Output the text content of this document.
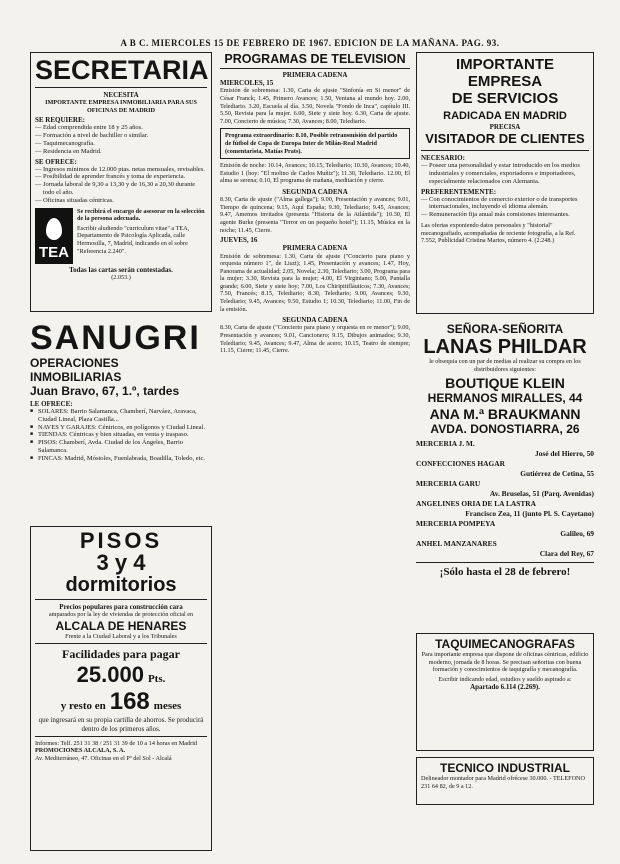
A B C. MIERCOLES 15 DE FEBRERO DE 1967. EDICION DE LA MAÑANA. PAG. 93.
SECRETARIA

NECESITA

IMPORTANTE EMPRESA INMOBILIARIA PARA SUS OFICINAS DE MADRID

SE REQUIERE:
— Edad comprendida entre 18 y 25 años.
— Formación a nivel de bachiller o similar.
— Taquimecanografía.
— Residencia en Madrid.
SE OFRECE:
— Ingresos mínimos de 12.000 ptas. netas mensuales, revisables.
— Posibilidad de aprender francés y toma de experiencia.
— Jornada laboral de 9,30 a 13,30 y de 16,30 a 20,30 durante todo el año.
— Oficinas situadas céntricas.
TEA

Se recibirá el encargo de asesorar en la selección de la persona adecuada.

Escribir aludiendo "curriculum vitae" a TEA, Departamento de Psicología Aplicada, calle Hermosilla, 7, Madrid, indicando en el sobre "Referencia 2.240".

Todas las cartas serán contestadas.

(2.053.)

SANUGRI
OPERACIONES INMOBILIARIAS
Juan Bravo, 67, 1.º, tardes
LE OFRECE:
■ SOLARES: Barrio Salamanca, Chamberí, Narváez, Aravaca, Ciudad Lineal, Plaza Castilla...
■ NAVES Y GARAJES: Céntricos, en polígonos y Ciudad Lineal.
■ TIENDAS: Céntricas y bien situadas, en venta y traspaso.
■ PISOS: Chamberí, Avda. Ciudad de los Ángeles, Barrio Salamanca.
■ FINCAS: Madrid, Móstoles, Fuenlabrada, Boadilla, Toledo, etc.
PISOS
3 y 4
dormitorios

Precios populares para construcción cara

amparados por la ley de viviendas de protección oficial en

ALCALA DE HENARES

Frente a la Ciudad Laboral y a los Tribunales

Facilidades para pagar

25.000 Pts.
y resto en 168 meses

que ingresará en su propia cartilla de ahorros. Se producirá dentro de los primeros años.

Informes: Telf. 251 31 38 / 251 31 39 de 10 a 14 horas en Madrid

PROMOCIONES ALCALA, S. A.

Av. Mediterráneo, 47. Oficinas en el Pº del Sol - Alcalá

PROGRAMAS DE TELEVISION

PRIMERA CADENA

MIERCOLES, 15

Emisión de sobremesa: 1.30, Carta de ajuste "Sinfonía en Si menor" de César Franck; 1.45, Primero Avances; 1.50, Ventana al mundo hoy. 2.00, Telediario. 3.20, Escuela al día. 3.50, Novela "Fondo de Inca", capítulo III. 5.50, Revista para la mujer. 6.00, Siete y siete hoy. 6.30, Carta de ajuste. 7.00, Concierto de música; 7.30, Avances; 8.00, Telediario.

Programa extraordinario: 8.10, Posible retransmisión del partido de fútbol de Copa de Europa Inter de Milán-Real Madrid (comentarista, Matías Prats).

Emisión de noche: 10.14, Avances; 10.15, Telediario; 10.30, Avances; 10.40, Estudio 1 (hoy: "El molino de Carlos Muñiz"); 11.30, Telediario. 12.00, El alma se serena; 0.10, El programa de mañana, meditación y cierre.

SEGUNDA CADENA

8.30, Carta de ajuste ("Alma gallega"); 9.00, Presentación y avances; 9.01, Tiempo de quincena; 9.15, Aquí España; 9.30, Telediario; 9.45, Avances; 9.47, Amemos invitados (presenta "Historia de la Atlántida"); 10.30, El agente Burke (presenta "Terror en un pequeño hotel"); 11.15, Música en la noche; 11.45, Cierre.

JUEVES, 16

PRIMERA CADENA

Emisión de sobremesa: 1.30, Carta de ajuste ("Concierto para piano y orquesta número 1", de Liszt); 1.45, Presentación y avances; 1.47, Hoy, Panorama de actualidad; 2.05, Novela; 2.30, Telediario; 3.00, Programa para la mujer; 3.30, Revista para la mujer; 4.00, El Virginiano; 5.00, Pantalla grande; 6.00, Siete y siete hoy; 7.00, Los Chiripitifláuticos; 7.30, Avances; 7.50, Francés; 8.15, Telediario; 8.30, Telediario; 9.00, Avances; 9.30, Telediario; 9.45, Avances; 9.50, Estudio 1; 10.30, Telediario; 11.00, Fin de la emisión.

SEGUNDA CADENA

8.30, Carta de ajuste ("Concierto para piano y orquesta en re menor"); 9.00, Presentación y avances; 9.01, Cancionero; 9.15, Dibujos animados; 9.30, Telediario; 9.45, Avances; 9.47, Alma de acero; 10.15, Teatro de siempre; 11.15, Cierre; 11.45, Cierre.

IMPORTANTE EMPRESA
DE SERVICIOS
RADICADA EN MADRID

PRECISA

VISITADOR DE CLIENTES
NECESARIO:
— Poseer una personalidad y estar introducido en los medios industriales y comerciales, exportadores e importadores, especialmente relacionados con Alemania.
PREFERENTEMENTE:
— Con conocimientos de comercio exterior o de transportes internacionales, incluyendo el idioma alemán.
— Remuneración fija anual más comisiones interesantes.

Las ofertas exponiendo datos personales y "historial" mecanografiado, acompañadas de reciente fotografía, a la Ref. 7.552, Publicidad Cristina Martos, número 4. (2.248.)

SEÑORA-SEÑORITA
LANAS PHILDAR

le obsequia con un par de medias al realizar su compra en los distribuidores siguientes:

BOUTIQUE KLEIN
HERMANOS MIRALLES, 44
ANA M.ª BRAUKMANN
AVDA. DONOSTIARRA, 26
MERCERIA J. M.
José del Hierro, 50
CONFECCIONES HAGAR
Gutiérrez de Cetina, 55
MERCERIA GARU
Av. Bruselas, 51 (Parq. Avenidas)
ANGELINES ORIA DE LA LASTRA
Francisco Zea, 11 (junto Pl. S. Cayetano)
MERCERIA POMPEYA
Galileo, 69
ANHEL MANZANARES
Clara del Rey, 67
¡Sólo hasta el 28 de febrero!
TAQUIMECANOGRAFAS

Para importante empresa que dispone de oficinas céntricas, edificio moderno, jornada de 8 horas. Se precisan señoritas con buena formación y conocimientos de taquigrafía y mecanografía.

Escribir indicando edad, estudios y sueldo aspirado a:

Apartado 6.114 (2.269).

TECNICO INDUSTRIAL

Delineador montador para Madrid ofrécese 30.000. - TELEFONO 231 64 82, de 9 a 12.
